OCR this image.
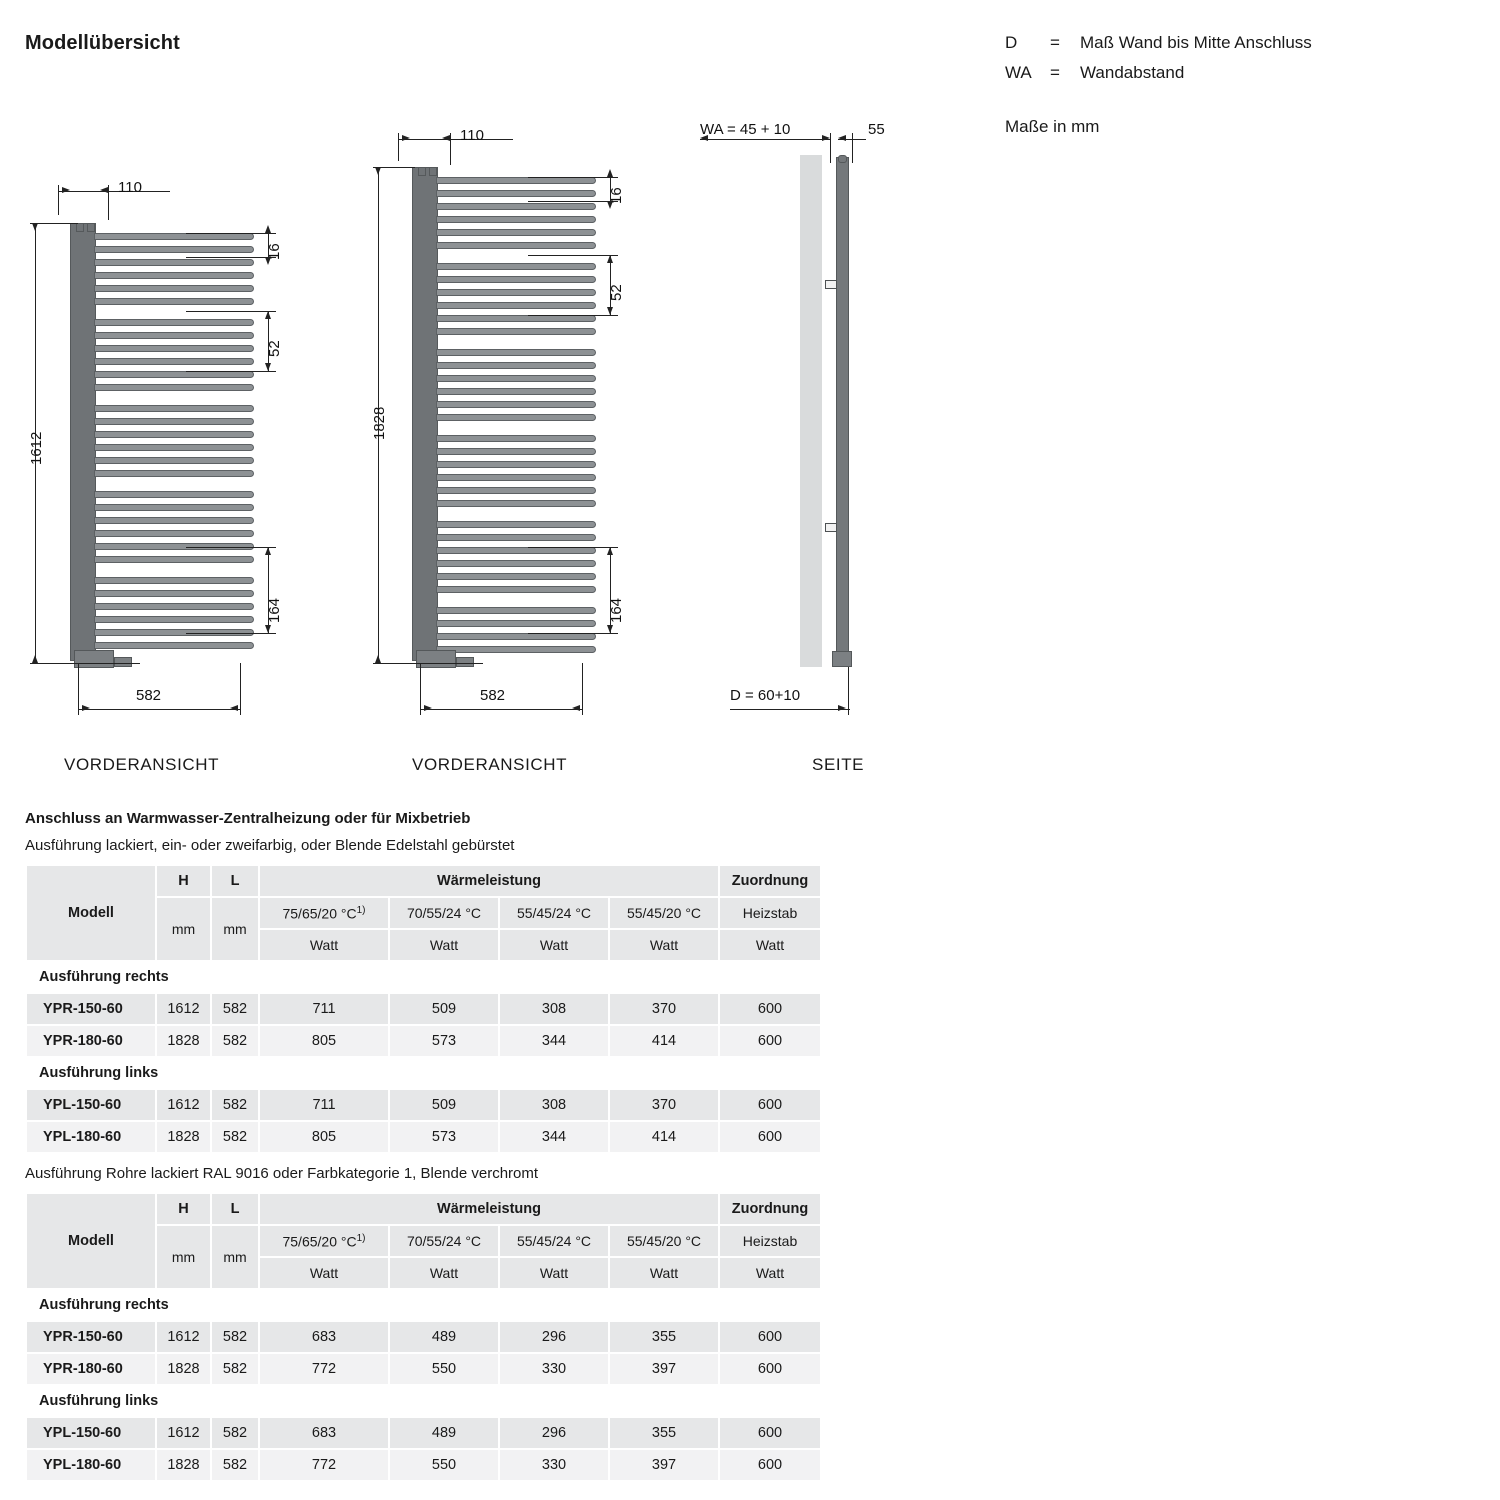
Modellübersicht
110
1612
16
52
164
582
VORDERANSICHT
110
1828
16
52
164
582
VORDERANSICHT
WA = 45 + 10	55
D = 60+10
SEITE
D	=	Maß Wand bis Mitte Anschluss
WA	=	Wandabstand
Maße in mm
Anschluss an Warmwasser-Zentralheizung oder für Mixbetrieb
Ausführung lackiert, ein- oder zweifarbig, oder Blende Edelstahl gebürstet
Modell	H	L	Wärmeleistung				Zuordnung
	mm	mm	75/65/20 $^\circ C^{1)}$	70/55/24 °C	55/45/24 °C	55/45/20 °C	Heizstab
			Watt	Watt	Watt	Watt	Watt
Ausführung rechts							
YPR-150-60	1612	582	711	509	308	370	600
YPR-180-60	1828	582	805	573	344	414	600
Ausführung links							
YPL-150-60	1612	582	711	509	308	370	600
YPL-180-60	1828	582	805	573	344	414	600
Ausführung Rohre lackiert RAL 9016 oder Farbkategorie 1, Blende verchromt
Modell	H	L	Wärmeleistung				Zuordnung
	mm	mm	75/65/20 $^\circ C^{1)}$	70/55/24 °C	55/45/24 °C	55/45/20 °C	Heizstab
			Watt	Watt	Watt	Watt	Watt
Ausführung rechts							
YPR-150-60	1612	582	683	489	296	355	600
YPR-180-60	1828	582	772	550	330	397	600
Ausführung links							
YPL-150-60	1612	582	683	489	296	355	600
YPL-180-60	1828	582	772	550	330	397	600
